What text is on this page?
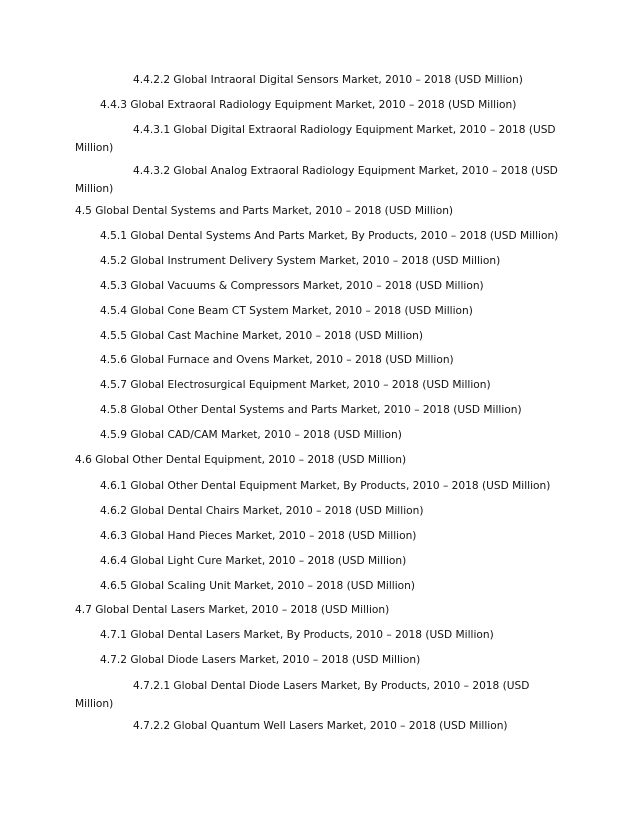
4.4.2.2 Global Intraoral Digital Sensors Market, 2010 – 2018 (USD Million)
4.4.3 Global Extraoral Radiology Equipment Market, 2010 – 2018 (USD Million)
4.4.3.1 Global Digital Extraoral Radiology Equipment Market, 2010 – 2018 (USD
Million)
4.4.3.2 Global Analog Extraoral Radiology Equipment Market, 2010 – 2018 (USD
Million)
4.5 Global Dental Systems and Parts Market, 2010 – 2018 (USD Million)
4.5.1 Global Dental Systems And Parts Market, By Products, 2010 – 2018 (USD Million)
4.5.2 Global Instrument Delivery System Market, 2010 – 2018 (USD Million)
4.5.3 Global Vacuums & Compressors Market, 2010 – 2018 (USD Million)
4.5.4 Global Cone Beam CT System Market, 2010 – 2018 (USD Million)
4.5.5 Global Cast Machine Market, 2010 – 2018 (USD Million)
4.5.6 Global Furnace and Ovens Market, 2010 – 2018 (USD Million)
4.5.7 Global Electrosurgical Equipment Market, 2010 – 2018 (USD Million)
4.5.8 Global Other Dental Systems and Parts Market, 2010 – 2018 (USD Million)
4.5.9 Global CAD/CAM Market, 2010 – 2018 (USD Million)
4.6 Global Other Dental Equipment, 2010 – 2018 (USD Million)
4.6.1 Global Other Dental Equipment Market, By Products, 2010 – 2018 (USD Million)
4.6.2 Global Dental Chairs Market, 2010 – 2018 (USD Million)
4.6.3 Global Hand Pieces Market, 2010 – 2018 (USD Million)
4.6.4 Global Light Cure Market, 2010 – 2018 (USD Million)
4.6.5 Global Scaling Unit Market, 2010 – 2018 (USD Million)
4.7 Global Dental Lasers Market, 2010 – 2018 (USD Million)
4.7.1 Global Dental Lasers Market, By Products, 2010 – 2018 (USD Million)
4.7.2 Global Diode Lasers Market, 2010 – 2018 (USD Million)
4.7.2.1 Global Dental Diode Lasers Market, By Products, 2010 – 2018 (USD
Million)
4.7.2.2 Global Quantum Well Lasers Market, 2010 – 2018 (USD Million)
